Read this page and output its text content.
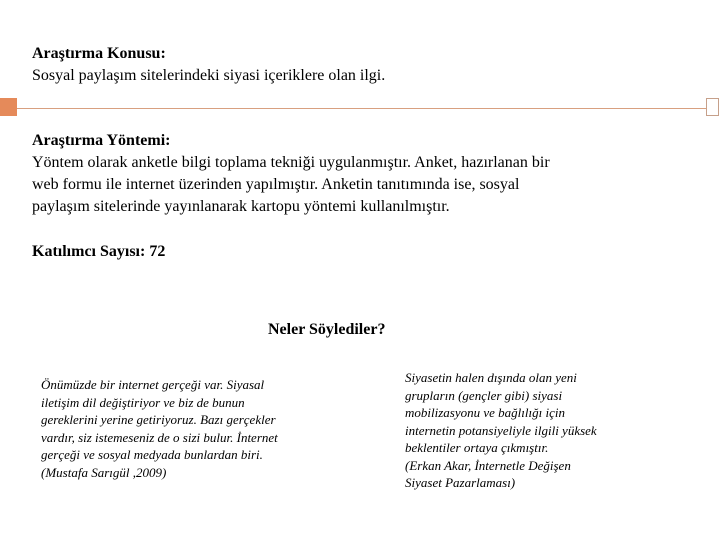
Araştırma Konusu:
Sosyal paylaşım sitelerindeki siyasi içeriklere olan ilgi.
Araştırma Yöntemi:
Yöntem olarak anketle bilgi toplama tekniği uygulanmıştır. Anket, hazırlanan bir
web formu ile internet üzerinden yapılmıştır. Anketin tanıtımında ise, sosyal
paylaşım sitelerinde yayınlanarak kartopu yöntemi kullanılmıştır.
Katılımcı Sayısı: 72
Neler Söylediler?
Önümüzde bir internet gerçeği var. Siyasal
iletişim dil değiştiriyor ve biz de bunun
gereklerini yerine getiriyoruz. Bazı gerçekler
vardır, siz istemeseniz de o sizi bulur. İnternet
gerçeği ve sosyal medyada bunlardan biri.
(Mustafa Sarıgül ,2009)
Siyasetin halen dışında olan yeni
grupların (gençler gibi) siyasi
mobilizasyonu ve bağlılığı için
internetin potansiyeliyle ilgili yüksek
beklentiler ortaya çıkmıştır.
(Erkan Akar, İnternetle Değişen
Siyaset Pazarlaması)
